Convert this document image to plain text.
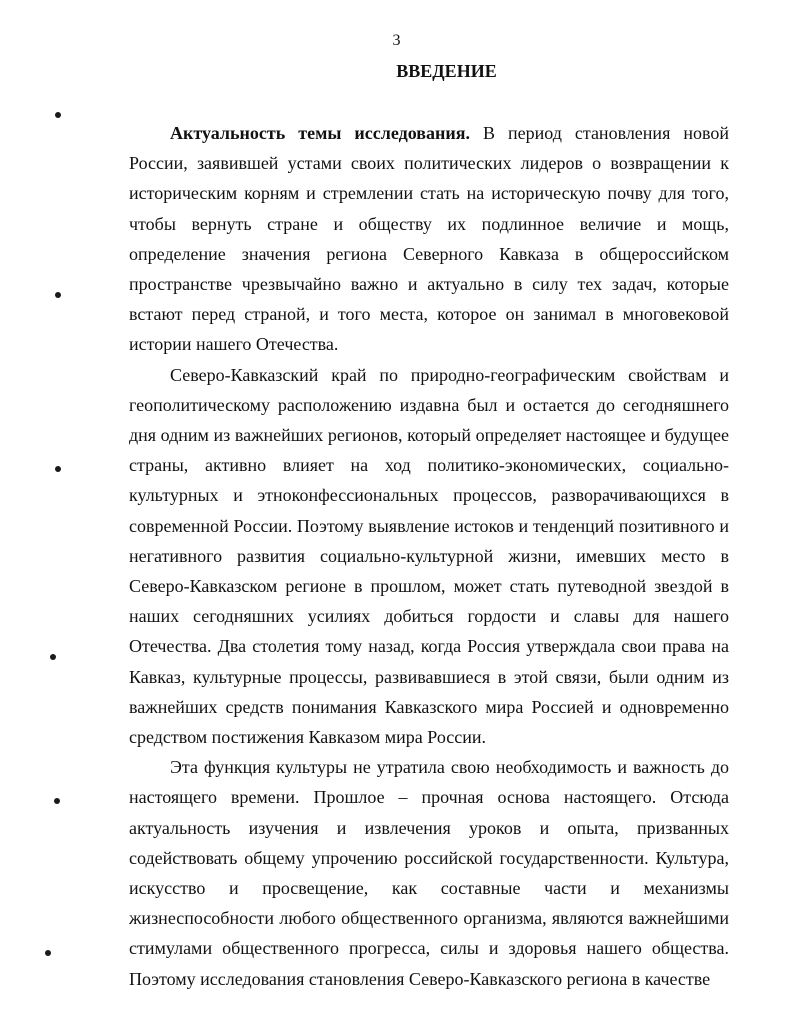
3
ВВЕДЕНИЕ

Актуальность темы исследования. В период становления новой России, заявившей устами своих политических лидеров о возвращении к историческим корням и стремлении стать на историческую почву для того, чтобы вернуть стране и обществу их подлинное величие и мощь, определение значения региона Северного Кавказа в общероссийском пространстве чрезвычайно важно и актуально в силу тех задач, которые встают перед страной, и того места, которое он занимал в многовековой истории нашего Отечества.

Северо-Кавказский край по природно-географическим свойствам и геополитическому расположению издавна был и остается до сегодняшнего дня одним из важнейших регионов, который определяет настоящее и будущее страны, активно влияет на ход политико-экономических, социально-культурных и этноконфессиональных процессов, разворачивающихся в современной России. Поэтому выявление истоков и тенденций позитивного и негативного развития социально-культурной жизни, имевших место в Северо-Кавказском регионе в прошлом, может стать путеводной звездой в наших сегодняшних усилиях добиться гордости и славы для нашего Отечества. Два столетия тому назад, когда Россия утверждала свои права на Кавказ, культурные процессы, развивавшиеся в этой связи, были одним из важнейших средств понимания Кавказского мира Россией и одновременно средством постижения Кавказом мира России.

Эта функция культуры не утратила свою необходимость и важность до настоящего времени. Прошлое – прочная основа настоящего. Отсюда актуальность изучения и извлечения уроков и опыта, призванных содействовать общему упрочению российской государственности. Культура, искусство и просвещение, как составные части и механизмы жизнеспособности любого общественного организма, являются важнейшими стимулами общественного прогресса, силы и здоровья нашего общества. Поэтому исследования становления Северо-Кавказского региона в качестве
